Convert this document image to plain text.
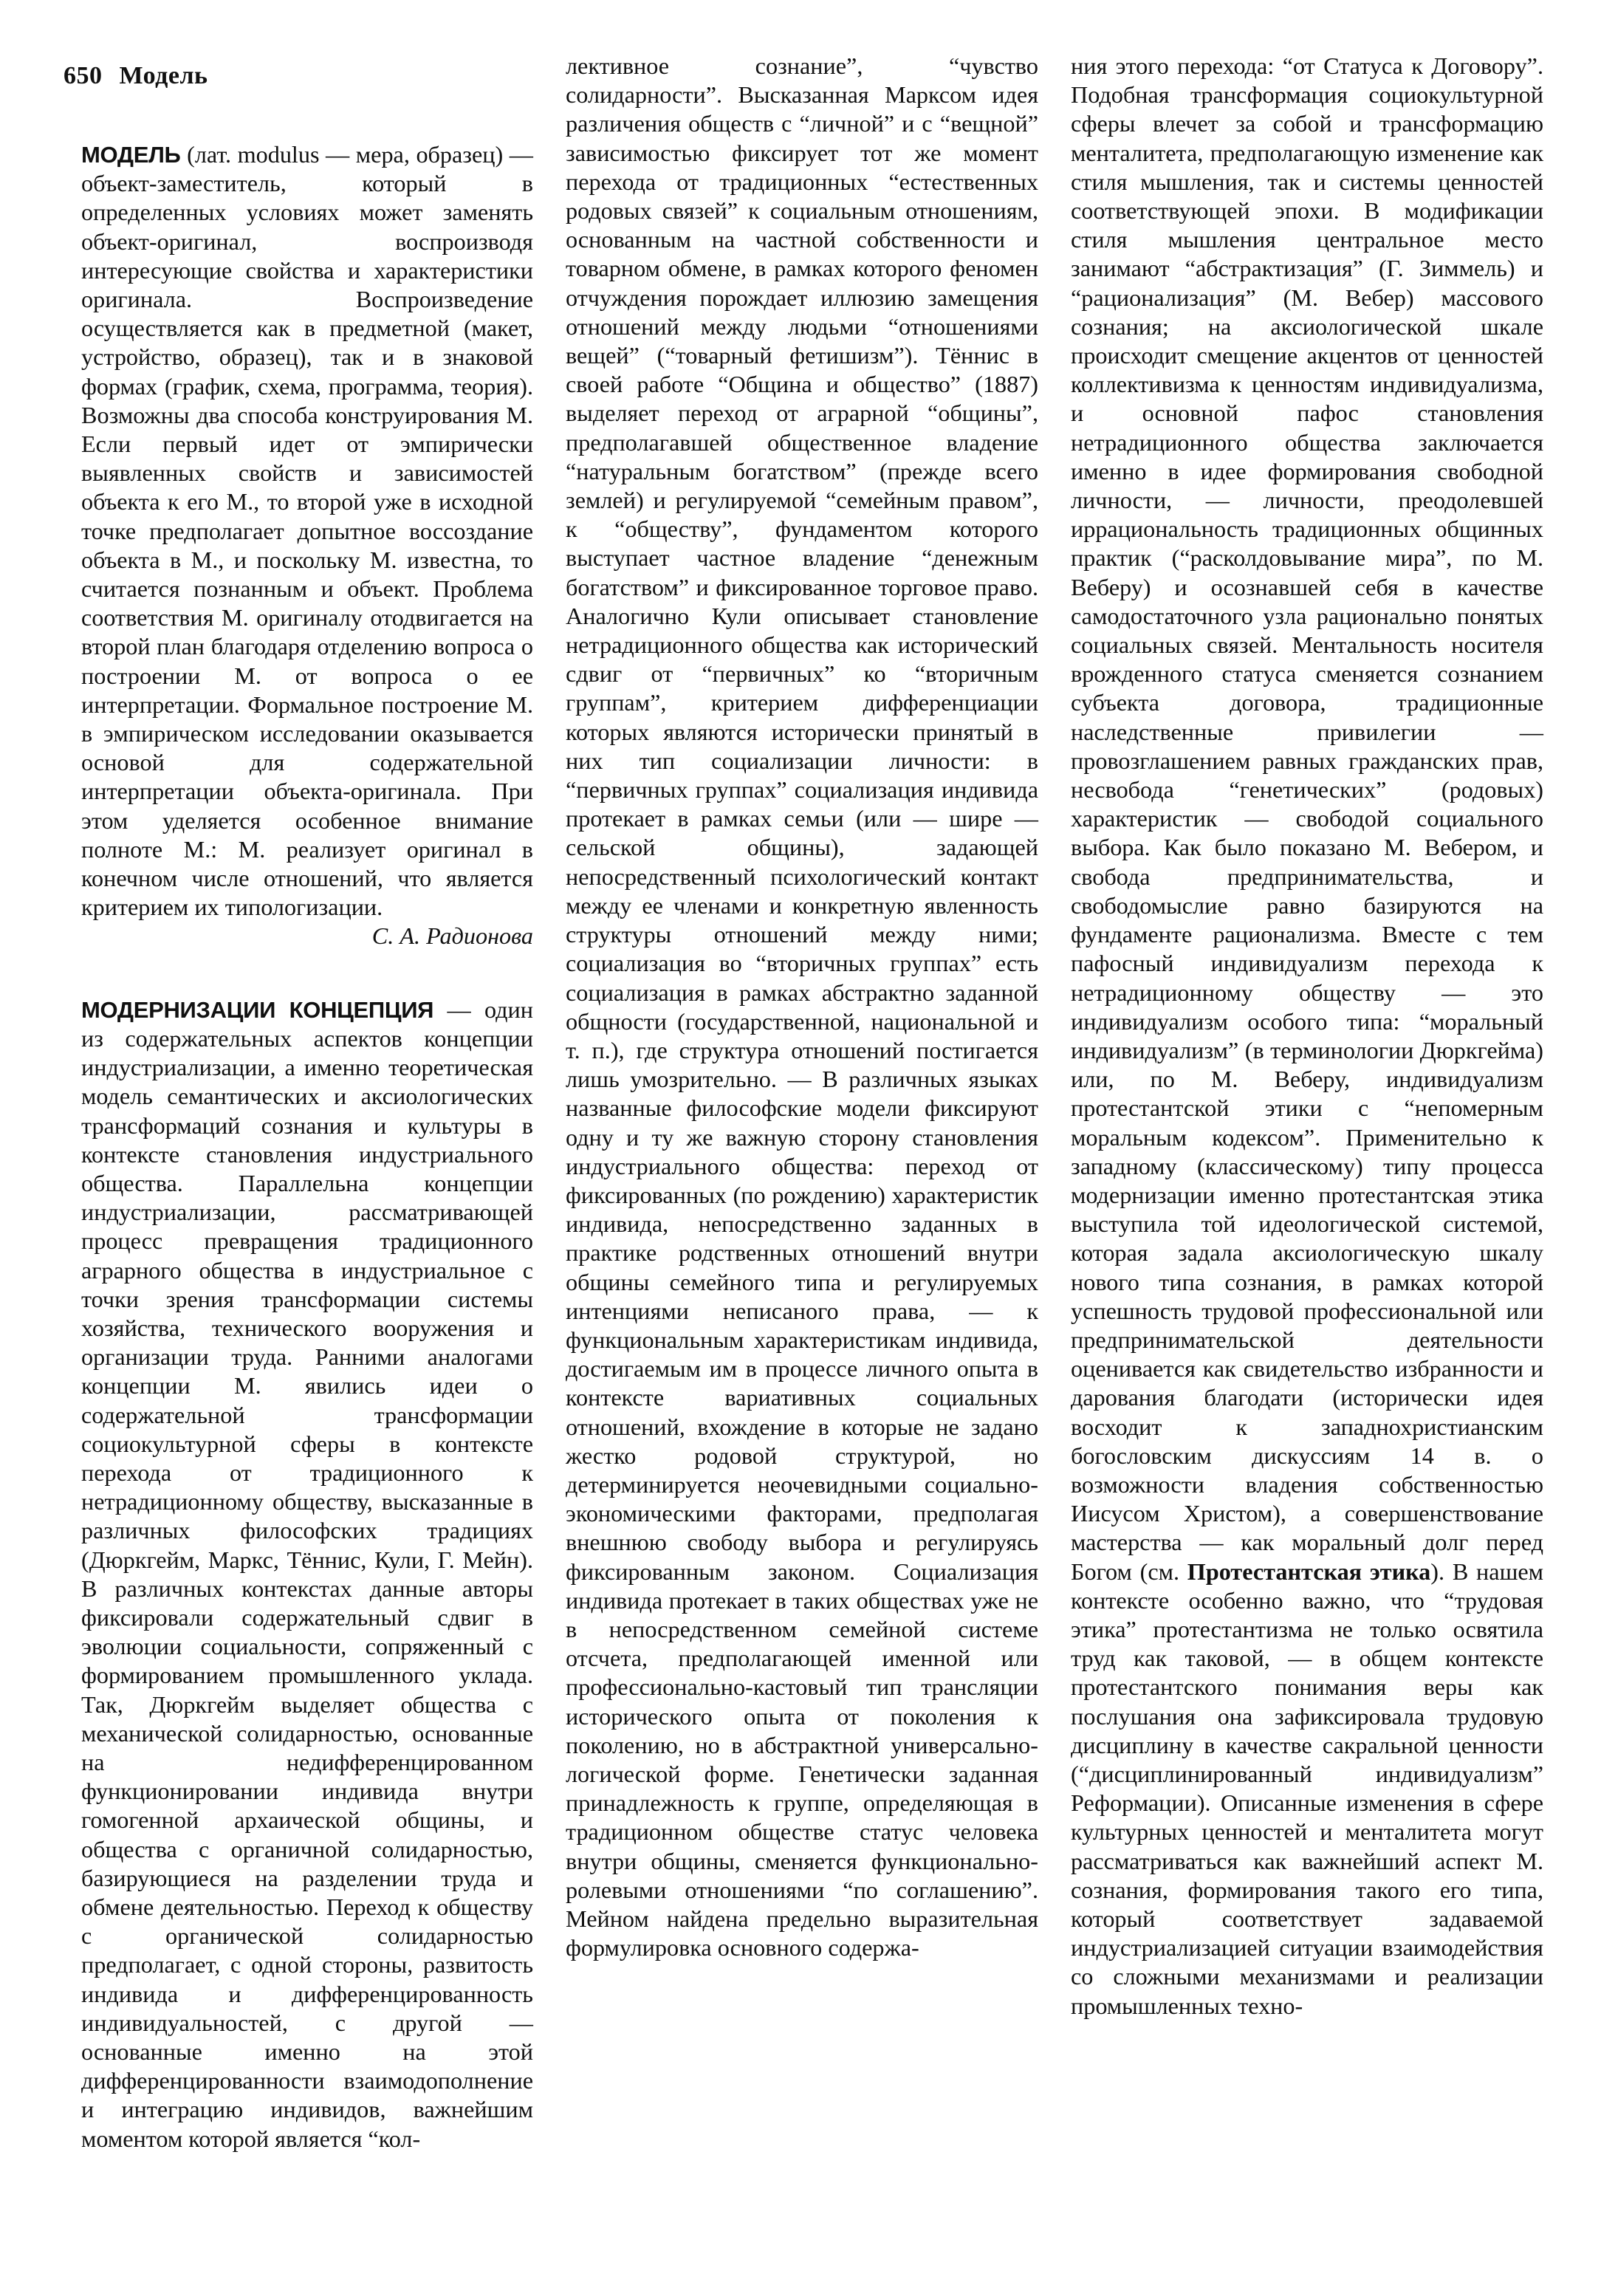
650 Модель

МОДЕЛЬ (лат. modulus — мера, образец) — объект-заместитель, который в определенных условиях может заменять объект-оригинал, воспроизводя интересующие свойства и характеристики оригинала. Воспроизведение осуществляется как в предметной (макет, устройство, образец), так и в знаковой формах (график, схема, программа, теория). Возможны два способа конструирования М. Если первый идет от эмпирически выявленных свойств и зависимостей объекта к его М., то второй уже в исходной точке предполагает допытное воссоздание объекта в М., и поскольку М. известна, то считается познанным и объект. Проблема соответствия М. оригиналу отодвигается на второй план благодаря отделению вопроса о построении М. от вопроса о ее интерпретации. Формальное построение М. в эмпирическом исследовании оказывается основой для содержательной интерпретации объекта-оригинала. При этом уделяется особенное внимание полноте М.: М. реализует оригинал в конечном числе отношений, что является критерием их типологизации.

С. А. Радионова

МОДЕРНИЗАЦИИ КОНЦЕПЦИЯ — один из содержательных аспектов концепции индустриализации, а именно теоретическая модель семантических и аксиологических трансформаций сознания и культуры в контексте становления индустриального общества. Параллельна концепции индустриализации, рассматривающей процесс превращения традиционного аграрного общества в индустриальное с точки зрения трансформации системы хозяйства, технического вооружения и организации труда. Ранними аналогами концепции М. явились идеи о содержательной трансформации социокультурной сферы в контексте перехода от традиционного к нетрадиционному обществу, высказанные в различных философских традициях (Дюркгейм, Маркс, Тённис, Кули, Г. Мейн). В различных контекстах данные авторы фиксировали содержательный сдвиг в эволюции социальности, сопряженный с формированием промышленного уклада. Так, Дюркгейм выделяет общества с механической солидарностью, основанные на недифференцированном функционировании индивида внутри гомогенной архаической общины, и общества с органичной солидарностью, базирующиеся на разделении труда и обмене деятельностью. Переход к обществу с органической солидарностью предполагает, с одной стороны, развитость индивида и дифференцированность индивидуальностей, с другой — основанные именно на этой дифференцированности взаимодополнение и интеграцию индивидов, важнейшим моментом которой является “кол-

лективное сознание”, “чувство солидарности”. Высказанная Марксом идея различения обществ с “личной” и с “вещной” зависимостью фиксирует тот же момент перехода от традиционных “естественных родовых связей” к социальным отношениям, основанным на частной собственности и товарном обмене, в рамках которого феномен отчуждения порождает иллюзию замещения отношений между людьми “отношениями вещей” (“товарный фетишизм”). Тённис в своей работе “Община и общество” (1887) выделяет переход от аграрной “общины”, предполагавшей общественное владение “натуральным богатством” (прежде всего землей) и регулируемой “семейным правом”, к “обществу”, фундаментом которого выступает частное владение “денежным богатством” и фиксированное торговое право. Аналогично Кули описывает становление нетрадиционного общества как исторический сдвиг от “первичных” ко “вторичным группам”, критерием дифференциации которых являются исторически принятый в них тип социализации личности: в “первичных группах” социализация индивида протекает в рамках семьи (или — шире — сельской общины), задающей непосредственный психологический контакт между ее членами и конкретную явленность структуры отношений между ними; социализация во “вторичных группах” есть социализация в рамках абстрактно заданной общности (государственной, национальной и т. п.), где структура отношений постигается лишь умозрительно. — В различных языках названные философские модели фиксируют одну и ту же важную сторону становления индустриального общества: переход от фиксированных (по рождению) характеристик индивида, непосредственно заданных в практике родственных отношений внутри общины семейного типа и регулируемых интенциями неписаного права, — к функциональным характеристикам индивида, достигаемым им в процессе личного опыта в контексте вариативных социальных отношений, вхождение в которые не задано жестко родовой структурой, но детерминируется неочевидными социально-экономическими факторами, предполагая внешнюю свободу выбора и регулируясь фиксированным законом. Социализация индивида протекает в таких обществах уже не в непосредственном семейной системе отсчета, предполагающей именной или профессионально-кастовый тип трансляции исторического опыта от поколения к поколению, но в абстрактной универсально-логической форме. Генетически заданная принадлежность к группе, определяющая в традиционном обществе статус человека внутри общины, сменяется функционально-ролевыми отношениями “по соглашению”. Мейном найдена предельно выразительная формулировка основного содержа-

ния этого перехода: “от Статуса к Договору”. Подобная трансформация социокультурной сферы влечет за собой и трансформацию менталитета, предполагающую изменение как стиля мышления, так и системы ценностей соответствующей эпохи. В модификации стиля мышления центральное место занимают “абстрактизация” (Г. Зиммель) и “рационализация” (М. Вебер) массового сознания; на аксиологической шкале происходит смещение акцентов от ценностей коллективизма к ценностям индивидуализма, и основной пафос становления нетрадиционного общества заключается именно в идее формирования свободной личности, — личности, преодолевшей иррациональность традиционных общинных практик (“расколдовывание мира”, по М. Веберу) и осознавшей себя в качестве самодостаточного узла рационально понятых социальных связей. Ментальность носителя врожденного статуса сменяется сознанием субъекта договора, традиционные наследственные привилегии — провозглашением равных гражданских прав, несвобода “генетических” (родовых) характеристик — свободой социального выбора. Как было показано М. Вебером, и свобода предпринимательства, и свободомыслие равно базируются на фундаменте рационализма. Вместе с тем пафосный индивидуализм перехода к нетрадиционному обществу — это индивидуализм особого типа: “моральный индивидуализм” (в терминологии Дюркгейма) или, по М. Веберу, индивидуализм протестантской этики с “непомерным моральным кодексом”. Применительно к западному (классическому) типу процесса модернизации именно протестантская этика выступила той идеологической системой, которая задала аксиологическую шкалу нового типа сознания, в рамках которой успешность трудовой профессиональной или предпринимательской деятельности оценивается как свидетельство избранности и дарования благодати (исторически идея восходит к западнохристианским богословским дискуссиям 14 в. о возможности владения собственностью Иисусом Христом), а совершенствование мастерства — как моральный долг перед Богом (см. Протестантская этика). В нашем контексте особенно важно, что “трудовая этика” протестантизма не только освятила труд как таковой, — в общем контексте протестантского понимания веры как послушания она зафиксировала трудовую дисциплину в качестве сакральной ценности (“дисциплинированный индивидуализм” Реформации). Описанные изменения в сфере культурных ценностей и менталитета могут рассматриваться как важнейший аспект М. сознания, формирования такого его типа, который соответствует задаваемой индустриализацией ситуации взаимодействия со сложными механизмами и реализации промышленных техно-
